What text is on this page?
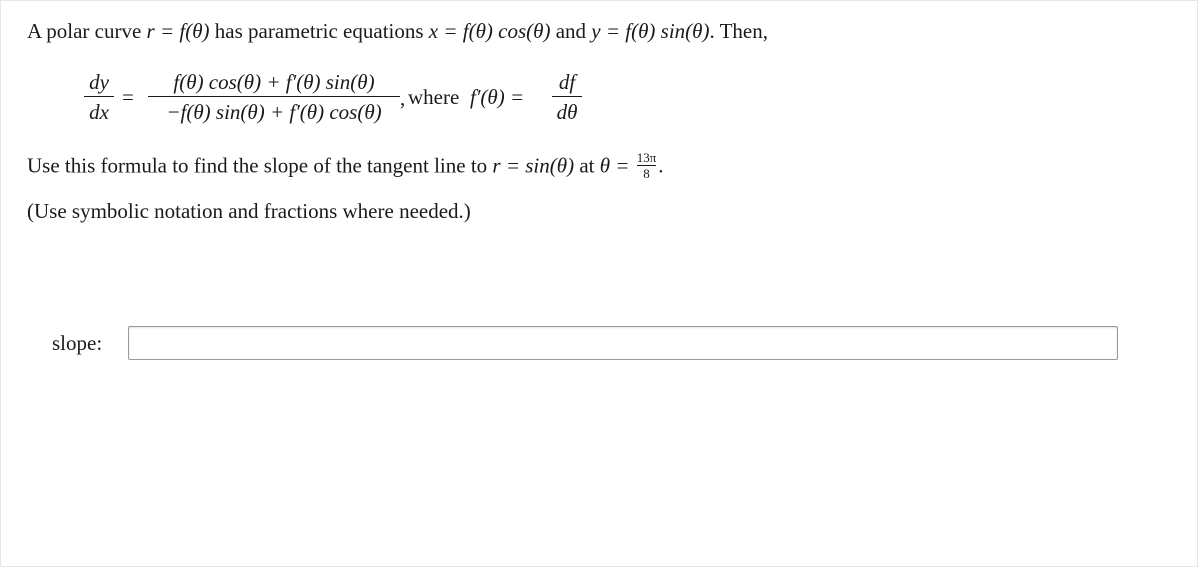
A polar curve r = f(θ) has parametric equations x = f(θ) cos(θ) and y = f(θ) sin(θ). Then,
dy
dx
=
f(θ) cos(θ) + f′(θ) sin(θ)
−f(θ) sin(θ) + f′(θ) cos(θ)
, where f′(θ) =
df
dθ
Use this formula to find the slope of the tangent line to r = sin(θ) at $\theta = \frac{13\pi}{8}$.
(Use symbolic notation and fractions where needed.)
slope:
